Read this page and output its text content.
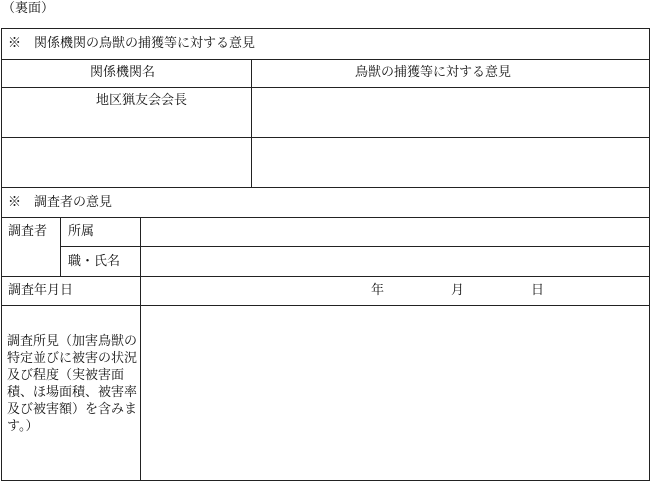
（裏面）
※　関係機関の鳥獣の捕獲等に対する意見
関係機関名	鳥獣の捕獲等に対する意見
地区猟友会会長
※　調査者の意見
調査者 所属
職・氏名
調査年月日	年	月	日
調査所見（加害鳥獣の特定並びに被害の状況及び程度（実被害面積、ほ場面積、被害率及び被害額）を含みます。）
